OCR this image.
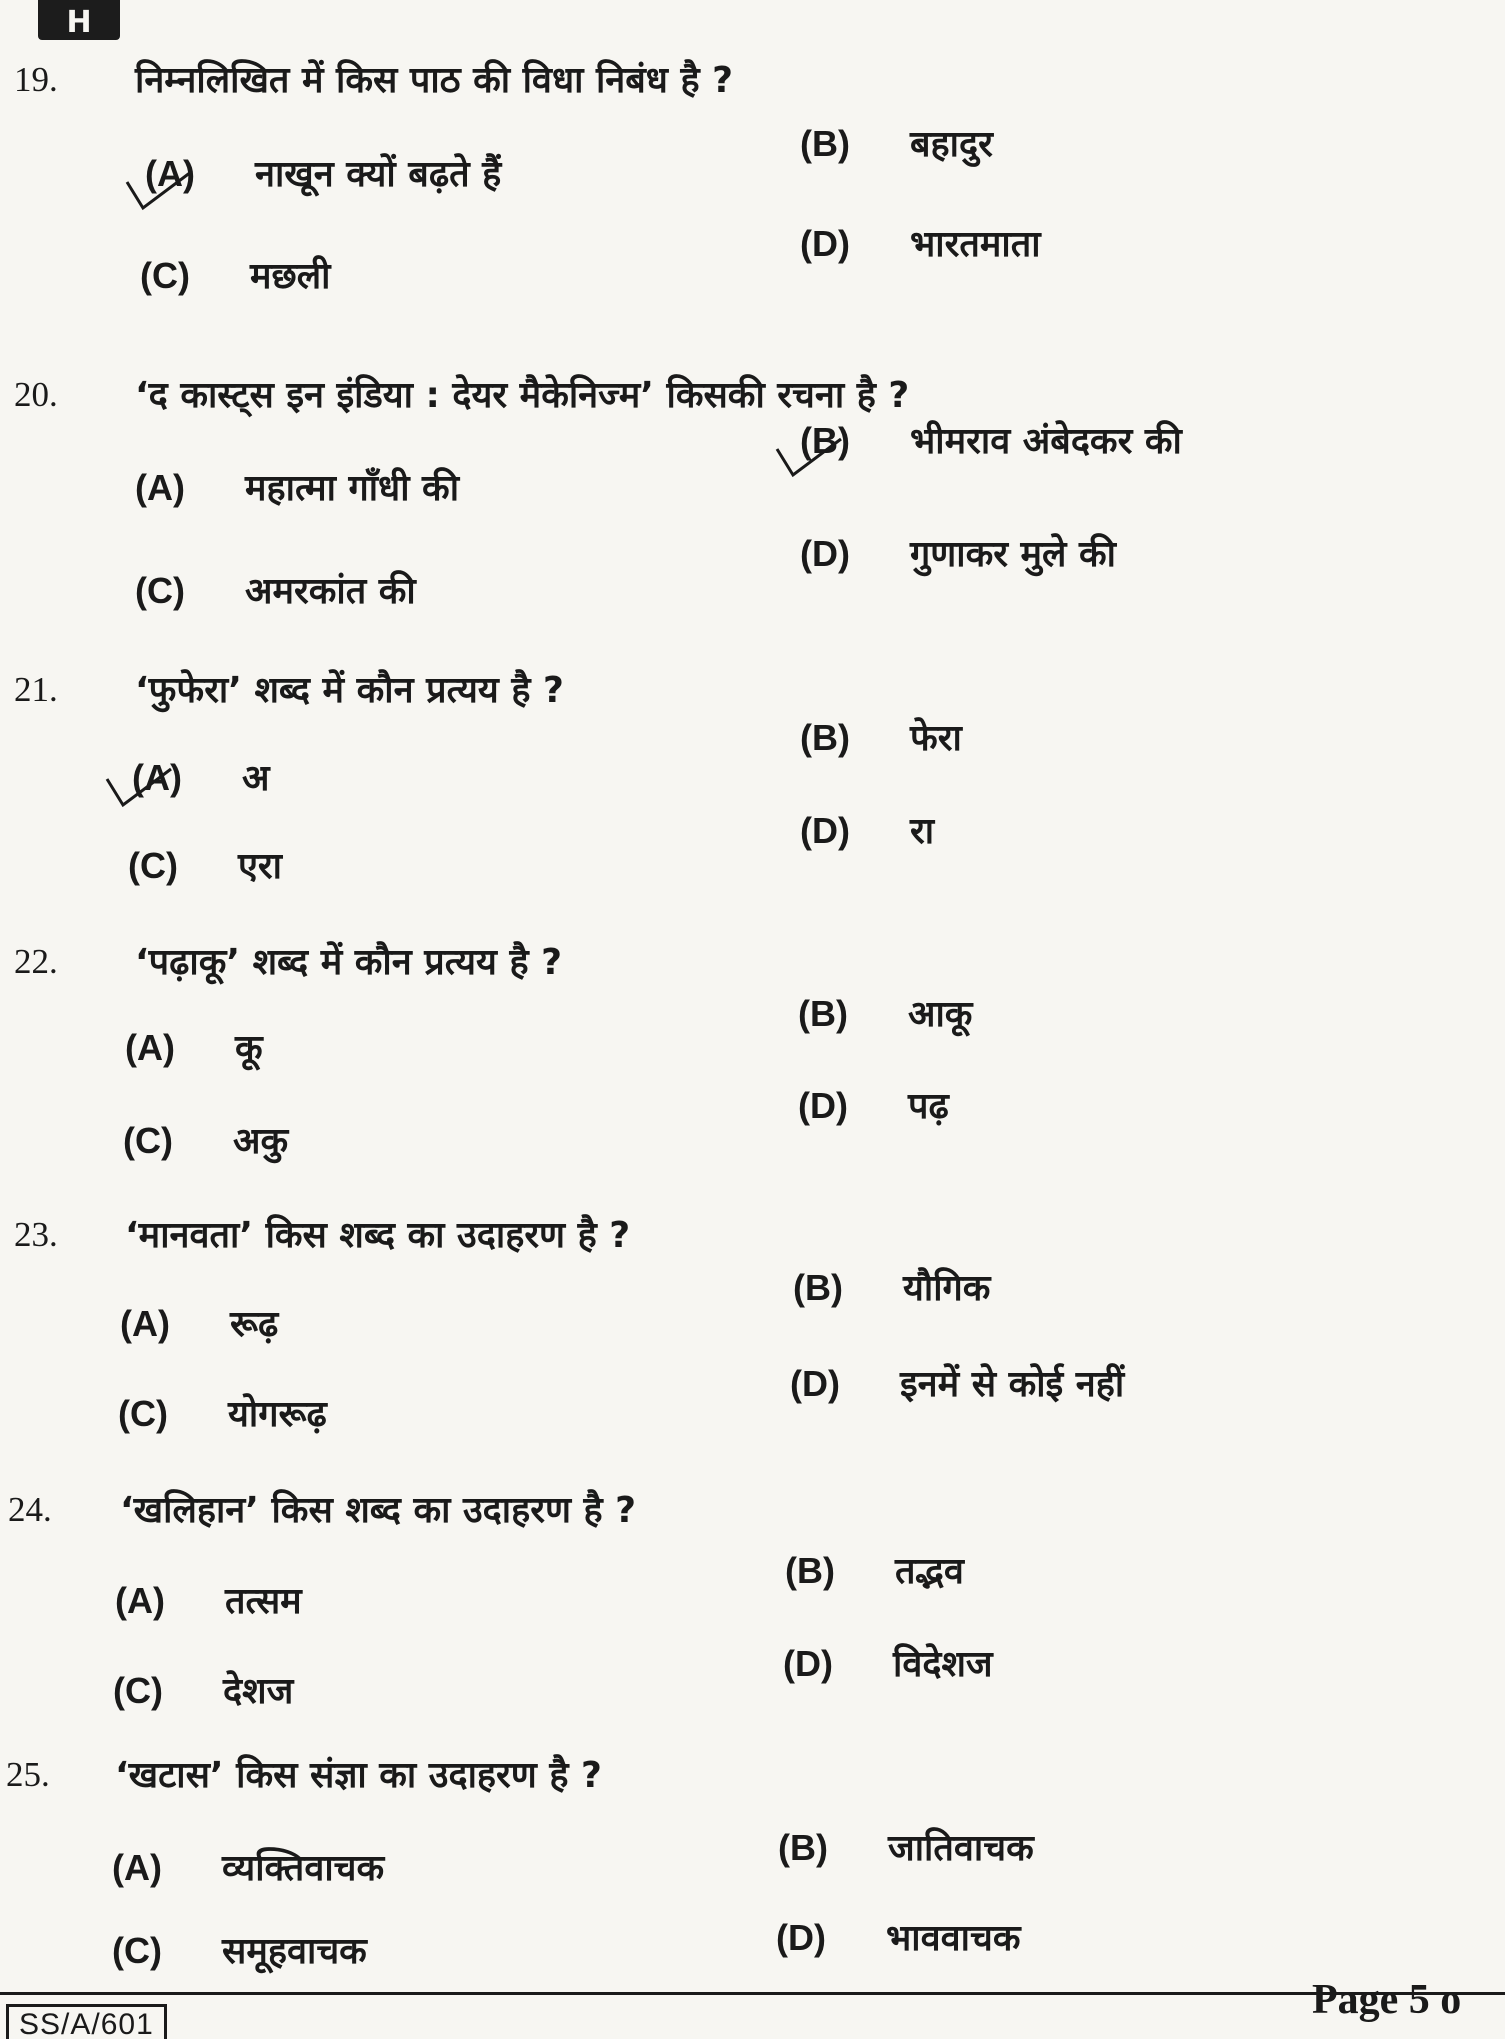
H
19. निम्नलिखित में किस पाठ की विधा निबंध है ?
(A) नाखून क्यों बढ़ते हैं
(B) बहादुर
(C) मछली
(D) भारतमाता
20. ‘द कास्ट्स इन इंडिया : देयर मैकेनिज्म’ किसकी रचना है ?
(A) महात्मा गाँधी की
(B) भीमराव अंबेदकर की
(C) अमरकांत की
(D) गुणाकर मुले की
21. ‘फुफेरा’ शब्द में कौन प्रत्यय है ?
(A) अ
(B) फेरा
(C) एरा
(D) रा
22. ‘पढ़ाकू’ शब्द में कौन प्रत्यय है ?
(A) कू
(B) आकू
(C) अकु
(D) पढ़
23. ‘मानवता’ किस शब्द का उदाहरण है ?
(A) रूढ़
(B) यौगिक
(C) योगरूढ़
(D) इनमें से कोई नहीं
24. ‘खलिहान’ किस शब्द का उदाहरण है ?
(A) तत्सम
(B) तद्भव
(C) देशज
(D) विदेशज
25. ‘खटास’ किस संज्ञा का उदाहरण है ?
(A) व्यक्तिवाचक
(B) जातिवाचक
(C) समूहवाचक	(D) भाववाचक
SS/A/601
Page 5 o
